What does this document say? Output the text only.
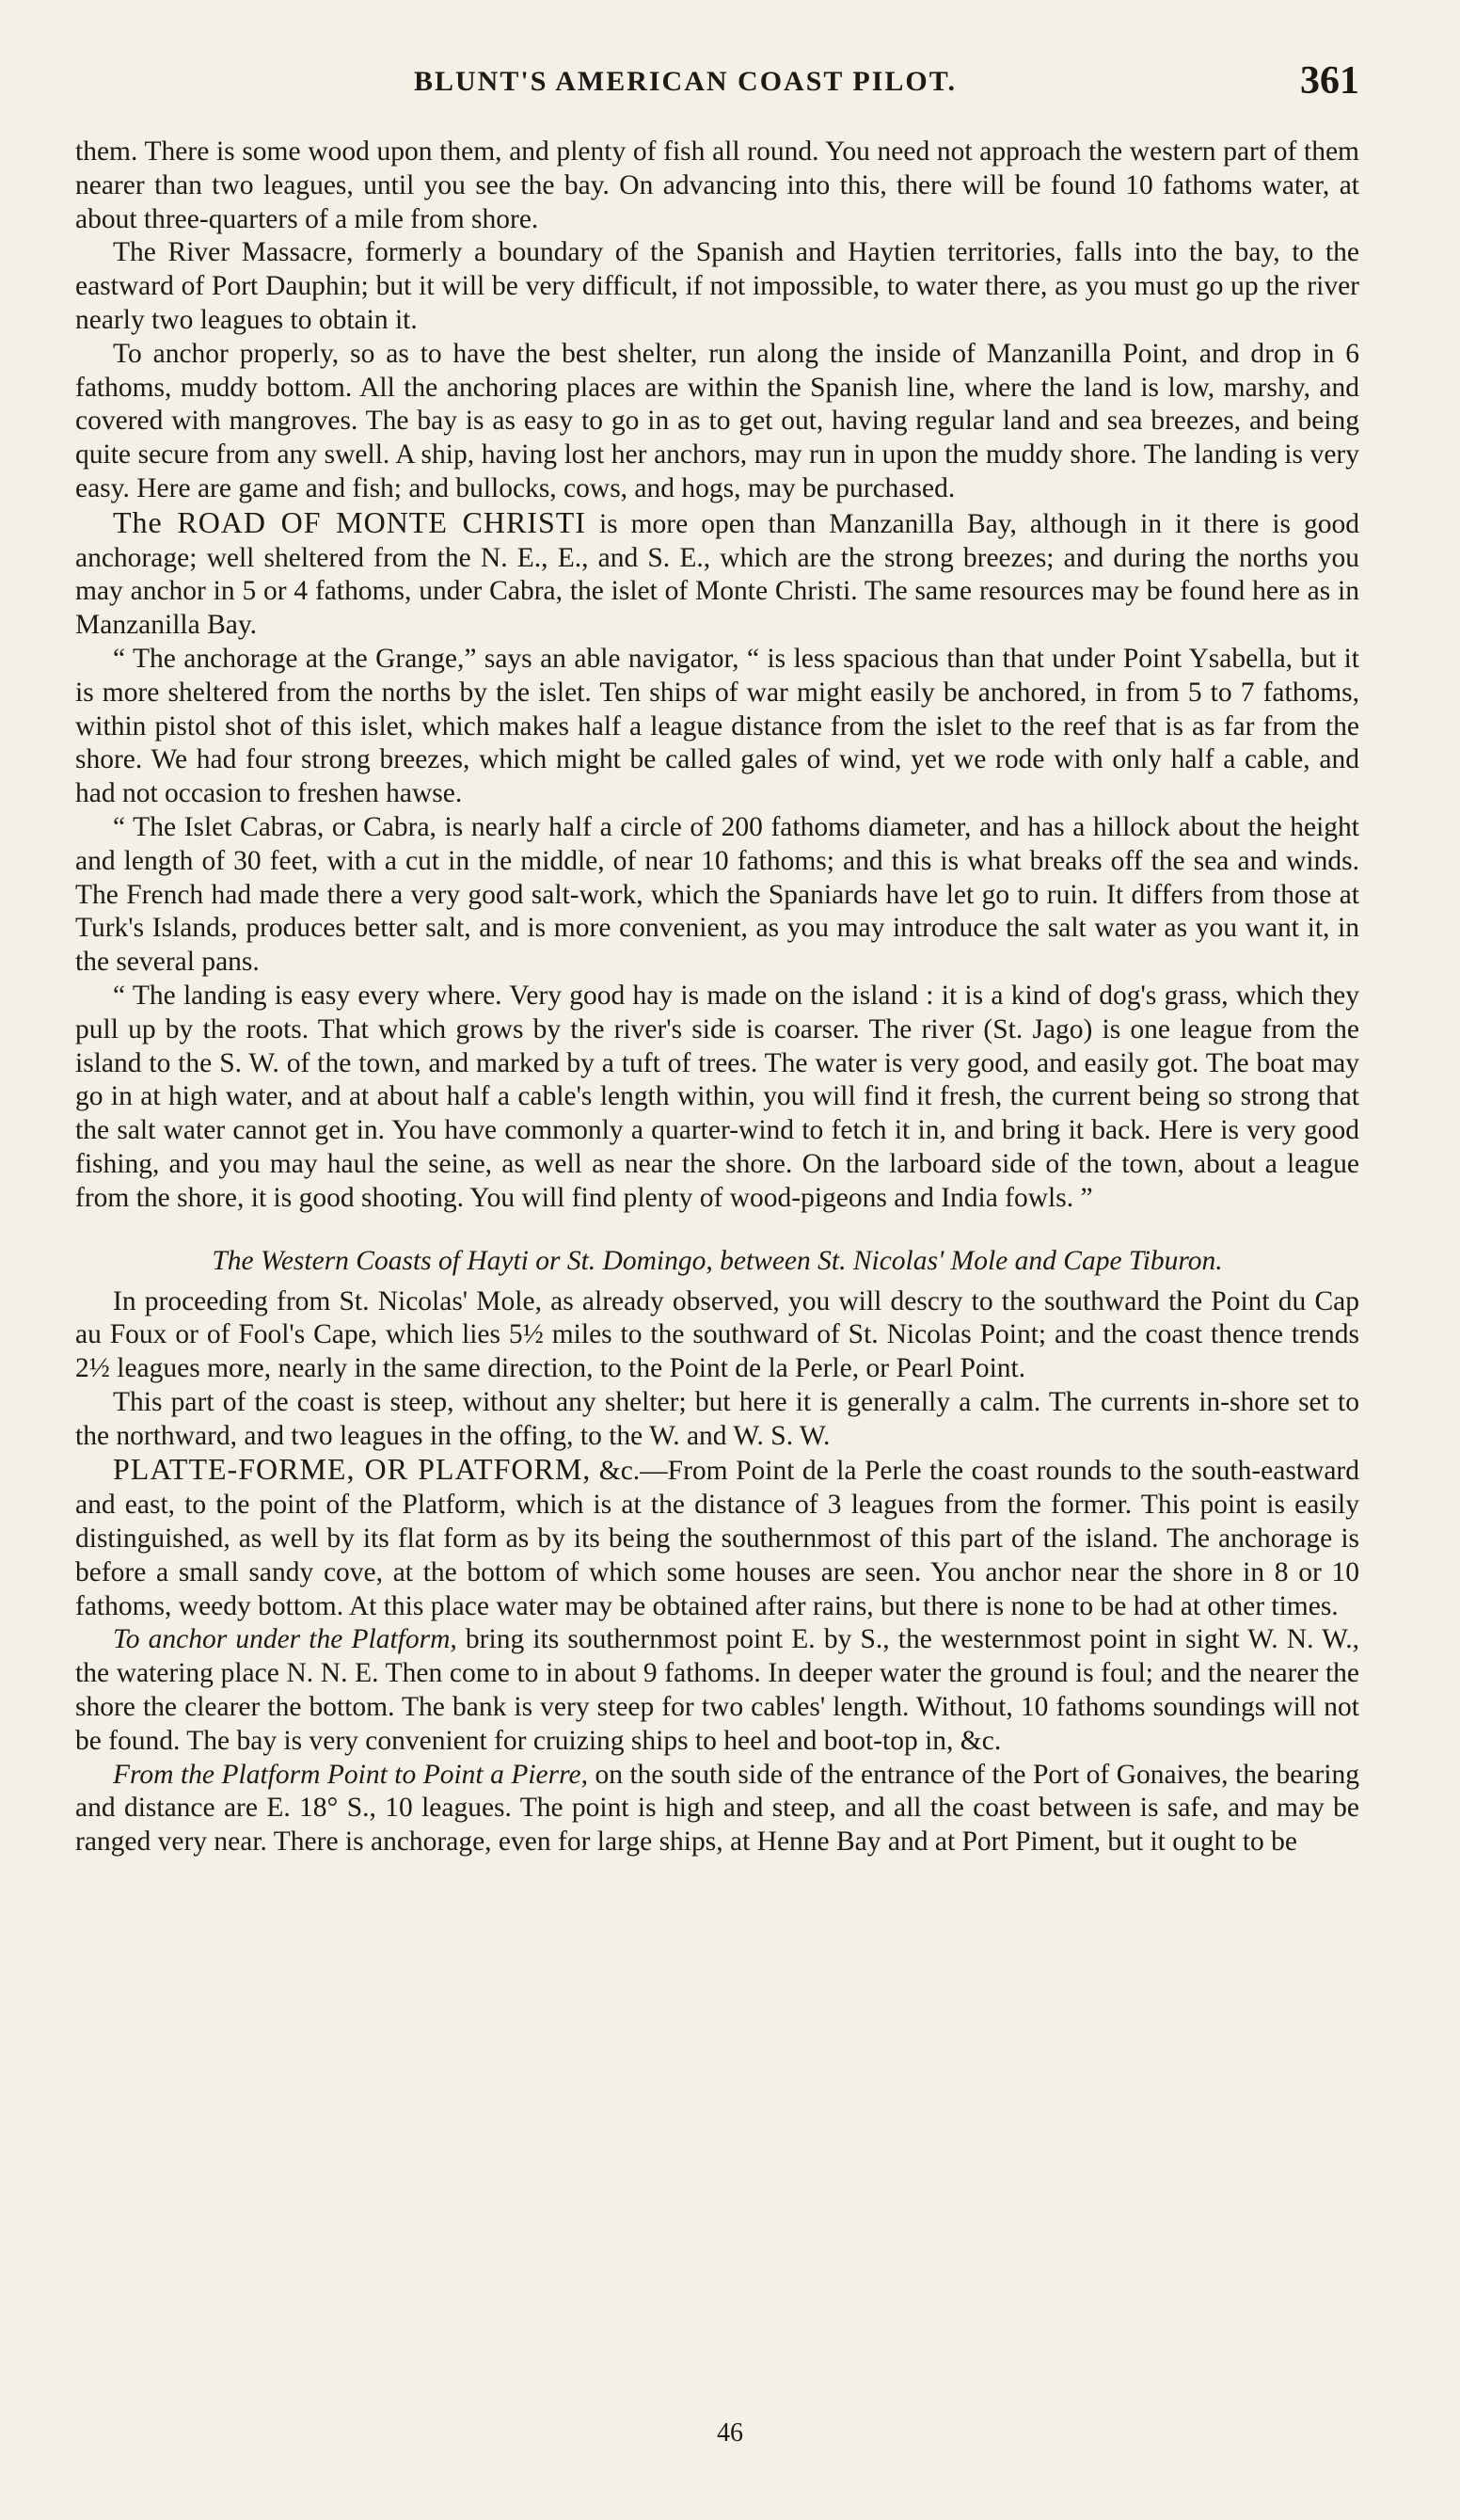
BLUNT'S AMERICAN COAST PILOT.	361

them. There is some wood upon them, and plenty of fish all round. You need not approach the western part of them nearer than two leagues, until you see the bay. On advancing into this, there will be found 10 fathoms water, at about three-quarters of a mile from shore.

The River Massacre, formerly a boundary of the Spanish and Haytien territories, falls into the bay, to the eastward of Port Dauphin; but it will be very difficult, if not impossible, to water there, as you must go up the river nearly two leagues to obtain it.

To anchor properly, so as to have the best shelter, run along the inside of Manzanilla Point, and drop in 6 fathoms, muddy bottom. All the anchoring places are within the Spanish line, where the land is low, marshy, and covered with mangroves. The bay is as easy to go in as to get out, having regular land and sea breezes, and being quite secure from any swell. A ship, having lost her anchors, may run in upon the muddy shore. The landing is very easy. Here are game and fish; and bullocks, cows, and hogs, may be purchased.

The ROAD OF MONTE CHRISTI is more open than Manzanilla Bay, although in it there is good anchorage; well sheltered from the N. E., E., and S. E., which are the strong breezes; and during the norths you may anchor in 5 or 4 fathoms, under Cabra, the islet of Monte Christi. The same resources may be found here as in Manzanilla Bay.

“ The anchorage at the Grange,” says an able navigator, “ is less spacious than that under Point Ysabella, but it is more sheltered from the norths by the islet. Ten ships of war might easily be anchored, in from 5 to 7 fathoms, within pistol shot of this islet, which makes half a league distance from the islet to the reef that is as far from the shore. We had four strong breezes, which might be called gales of wind, yet we rode with only half a cable, and had not occasion to freshen hawse.

“ The Islet Cabras, or Cabra, is nearly half a circle of 200 fathoms diameter, and has a hillock about the height and length of 30 feet, with a cut in the middle, of near 10 fathoms; and this is what breaks off the sea and winds. The French had made there a very good salt-work, which the Spaniards have let go to ruin. It differs from those at Turk's Islands, produces better salt, and is more convenient, as you may introduce the salt water as you want it, in the several pans.

“ The landing is easy every where. Very good hay is made on the island : it is a kind of dog's grass, which they pull up by the roots. That which grows by the river's side is coarser. The river (St. Jago) is one league from the island to the S. W. of the town, and marked by a tuft of trees. The water is very good, and easily got. The boat may go in at high water, and at about half a cable's length within, you will find it fresh, the current being so strong that the salt water cannot get in. You have commonly a quarter-wind to fetch it in, and bring it back. Here is very good fishing, and you may haul the seine, as well as near the shore. On the larboard side of the town, about a league from the shore, it is good shooting. You will find plenty of wood-pigeons and India fowls. ”

The Western Coasts of Hayti or St. Domingo, between St. Nicolas' Mole and Cape Tiburon.

In proceeding from St. Nicolas' Mole, as already observed, you will descry to the southward the Point du Cap au Foux or of Fool's Cape, which lies 5½ miles to the southward of St. Nicolas Point; and the coast thence trends 2½ leagues more, nearly in the same direction, to the Point de la Perle, or Pearl Point.

This part of the coast is steep, without any shelter; but here it is generally a calm. The currents in-shore set to the northward, and two leagues in the offing, to the W. and W. S. W.

PLATTE-FORME, OR PLATFORM, &c.—From Point de la Perle the coast rounds to the south-eastward and east, to the point of the Platform, which is at the distance of 3 leagues from the former. This point is easily distinguished, as well by its flat form as by its being the southernmost of this part of the island. The anchorage is before a small sandy cove, at the bottom of which some houses are seen. You anchor near the shore in 8 or 10 fathoms, weedy bottom. At this place water may be obtained after rains, but there is none to be had at other times.

To anchor under the Platform, bring its southernmost point E. by S., the westernmost point in sight W. N. W., the watering place N. N. E. Then come to in about 9 fathoms. In deeper water the ground is foul; and the nearer the shore the clearer the bottom. The bank is very steep for two cables' length. Without, 10 fathoms soundings will not be found. The bay is very convenient for cruizing ships to heel and boot-top in, &c.

From the Platform Point to Point a Pierre, on the south side of the entrance of the Port of Gonaives, the bearing and distance are E. 18° S., 10 leagues. The point is high and steep, and all the coast between is safe, and may be ranged very near. There is anchorage, even for large ships, at Henne Bay and at Port Piment, but it ought to be

46
